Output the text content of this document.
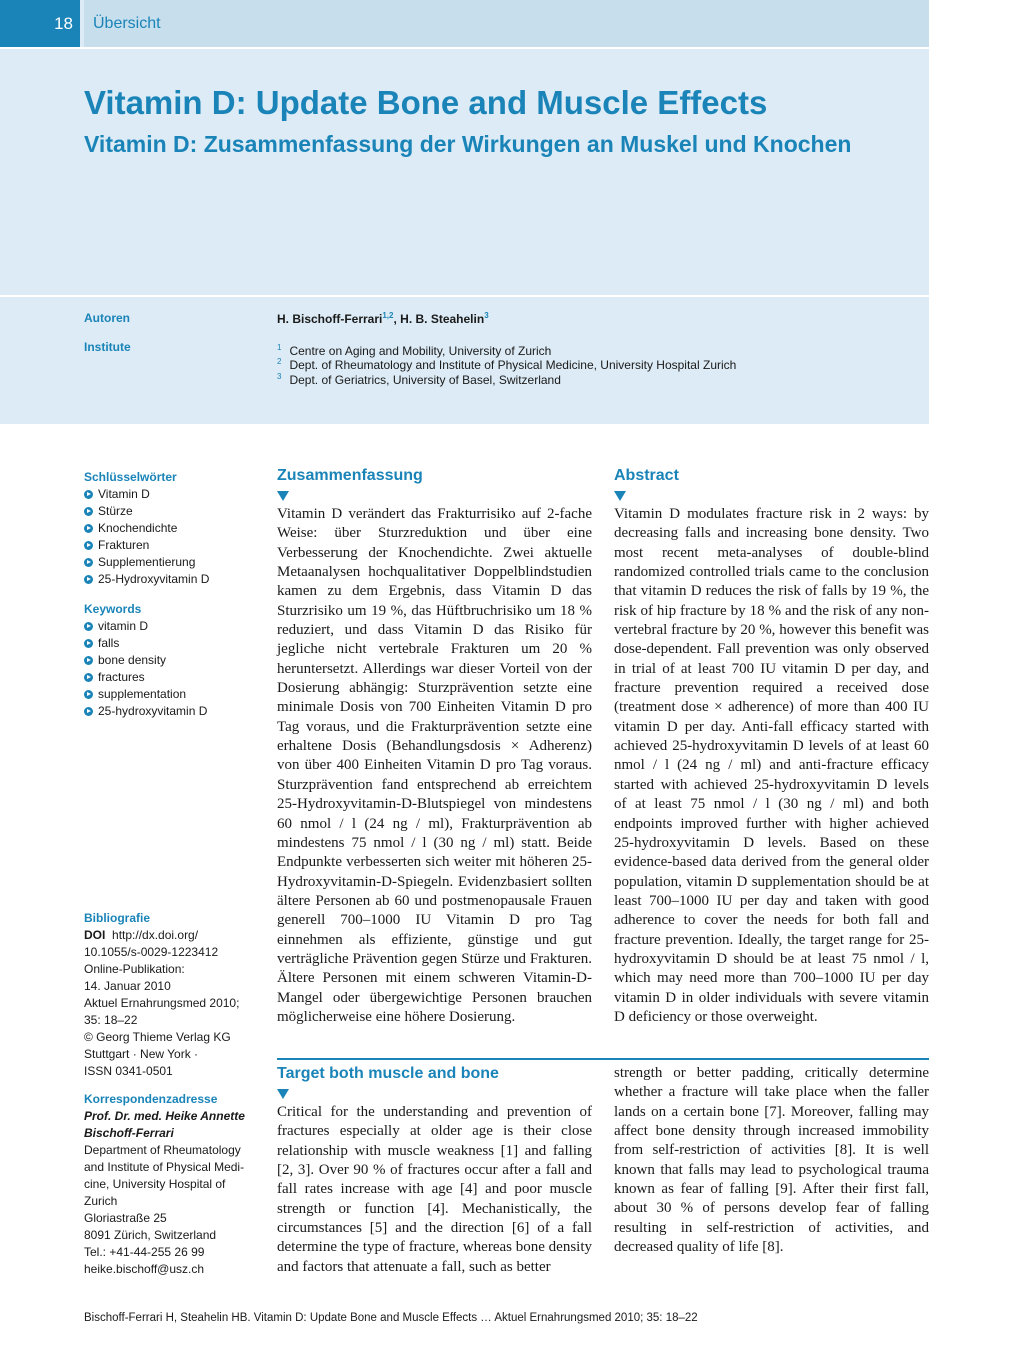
18	Übersicht
Vitamin D: Update Bone and Muscle Effects
Vitamin D: Zusammenfassung der Wirkungen an Muskel und Knochen
Autoren	H. Bischoff-Ferrari$^{1,2}$, H. B. Steahelin$^3$
Institute	$^1$ Centre on Aging and Mobility, University of Zurich
$^2$ Dept. of Rheumatology and Institute of Physical Medicine, University Hospital Zurich
$^3$ Dept. of Geriatrics, University of Basel, Switzerland
Schlüsselwörter
Vitamin D
Stürze
Knochendichte
Frakturen
Supplementierung
25-Hydroxyvitamin D
Keywords
vitamin D
falls
bone density
fractures
supplementation
25-hydroxyvitamin D
Bibliografie

DOI http://dx.doi.org/

10.1055/s-0029-1223412

Online-Publikation:

14. Januar 2010

Aktuel Ernahrungsmed 2010;

35: 18–22

© Georg Thieme Verlag KG

Stuttgart · New York ·

ISSN 0341-0501

Korrespondenzadresse

Prof. Dr. med. Heike Annette Bischoff-Ferrari

Department of Rheumatology

and Institute of Physical Medi-

cine, University Hospital of

Zurich

Gloriastraße 25

8091 Zürich, Switzerland

Tel.: +41-44-255 26 99

heike.bischoff@usz.ch

Zusammenfassung

Vitamin D verändert das Frakturrisiko auf 2-fache Weise: über Sturzreduktion und über eine Verbesserung der Knochendichte. Zwei aktuelle Metaanalysen hochqualitativer Doppelblindstudien kamen zu dem Ergebnis, dass Vitamin D das Sturzrisiko um 19 %, das Hüftbruchrisiko um 18 % reduziert, und dass Vitamin D das Risiko für jegliche nicht vertebrale Frakturen um 20 % heruntersetzt. Allerdings war dieser Vorteil von der Dosierung abhängig: Sturzprävention setzte eine minimale Dosis von 700 Einheiten Vitamin D pro Tag voraus, und die Frakturprävention setzte eine erhaltene Dosis (Behandlungsdosis × Adherenz) von über 400 Einheiten Vitamin D pro Tag voraus. Sturzprävention fand entsprechend ab erreichtem 25-Hydroxyvitamin-D-Blutspiegel von mindestens 60 nmol / l (24 ng / ml), Frakturprävention ab mindestens 75 nmol / l (30 ng / ml) statt. Beide Endpunkte verbesserten sich weiter mit höheren 25-Hydroxyvitamin-D-Spiegeln. Evidenzbasiert sollten ältere Personen ab 60 und postmenopausale Frauen generell 700–1000 IU Vitamin D pro Tag einnehmen als effiziente, günstige und gut verträgliche Prävention gegen Stürze und Frakturen. Ältere Personen mit einem schweren Vitamin-D-Mangel oder übergewichtige Personen brauchen möglicherweise eine höhere Dosierung.

Abstract

Vitamin D modulates fracture risk in 2 ways: by decreasing falls and increasing bone density. Two most recent meta-analyses of double-blind randomized controlled trials came to the conclusion that vitamin D reduces the risk of falls by 19 %, the risk of hip fracture by 18 % and the risk of any non-vertebral fracture by 20 %, however this benefit was dose-dependent. Fall prevention was only observed in trial of at least 700 IU vitamin D per day, and fracture prevention required a received dose (treatment dose × adherence) of more than 400 IU vitamin D per day. Anti-fall efficacy started with achieved 25-hydroxyvitamin D levels of at least 60 nmol / l (24 ng / ml) and anti-fracture efficacy started with achieved 25-hydroxyvitamin D levels of at least 75 nmol / l (30 ng / ml) and both endpoints improved further with higher achieved 25-hydroxyvitamin D levels. Based on these evidence-based data derived from the general older population, vitamin D supplementation should be at least 700–1000 IU per day and taken with good adherence to cover the needs for both fall and fracture prevention. Ideally, the target range for 25-hydroxyvitamin D should be at least 75 nmol / l, which may need more than 700–1000 IU per day vitamin D in older individuals with severe vitamin D deficiency or those overweight.

Target both muscle and bone

Critical for the understanding and prevention of fractures especially at older age is their close relationship with muscle weakness [1] and falling [2, 3]. Over 90 % of fractures occur after a fall and fall rates increase with age [4] and poor muscle strength or function [4]. Mechanistically, the circumstances [5] and the direction [6] of a fall determine the type of fracture, whereas bone density and factors that attenuate a fall, such as better

strength or better padding, critically determine whether a fracture will take place when the faller lands on a certain bone [7]. Moreover, falling may affect bone density through increased immobility from self-restriction of activities [8]. It is well known that falls may lead to psychological trauma known as fear of falling [9]. After their first fall, about 30 % of persons develop fear of falling resulting in self-restriction of activities, and decreased quality of life [8].

Bischoff-Ferrari H, Steahelin HB. Vitamin D: Update Bone and Muscle Effects … Aktuel Ernahrungsmed 2010; 35: 18–22
